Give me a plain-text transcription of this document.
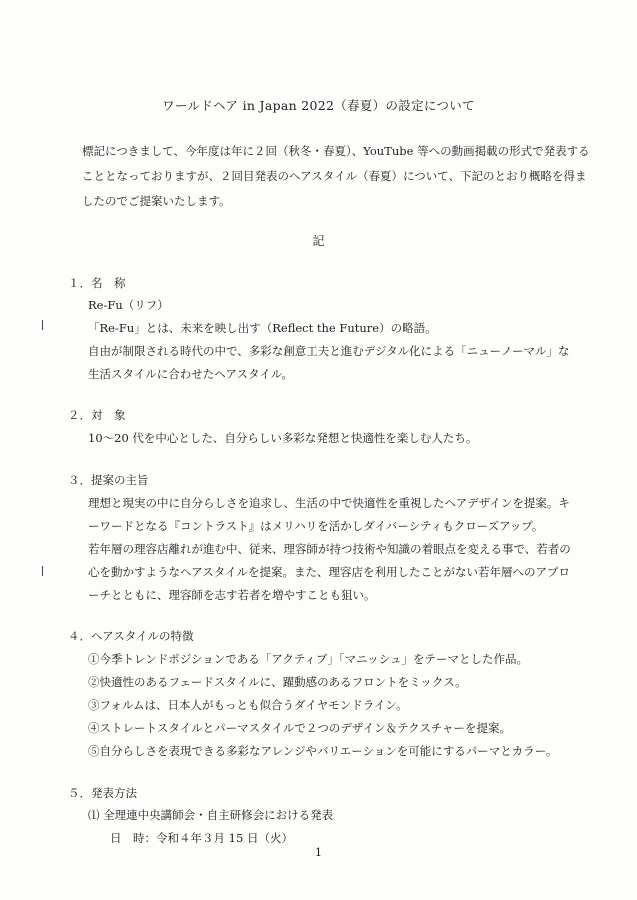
ワールドヘア in Japan 2022（春夏）の設定について

標記につきまして、今年度は年に２回（秋冬・春夏）、YouTube 等への動画掲載の形式で発表する

こととなっておりますが、２回目発表のヘアスタイル（春夏）について、下記のとおり概略を得ま

したのでご提案いたします。

記
１．名　称
Re-Fu（リフ）
「Re-Fu」とは、未来を映し出す（Reflect the Future）の略語。
自由が制限される時代の中で、多彩な創意工夫と進むデジタル化による「ニューノーマル」な
生活スタイルに合わせたヘアスタイル。
２．対　象
10～20 代を中心とした、自分らしい多彩な発想と快適性を楽しむ人たち。
３．提案の主旨
理想と現実の中に自分らしさを追求し、生活の中で快適性を重視したヘアデザインを提案。キ
ーワードとなる『コントラスト』はメリハリを活かしダイバーシティもクローズアップ。
若年層の理容店離れが進む中、従来、理容師が持つ技術や知識の着眼点を変える事で、若者の
心を動かすようなヘアスタイルを提案。また、理容店を利用したことがない若年層へのアプロ
ーチとともに、理容師を志す若者を増やすことも狙い。
４．ヘアスタイルの特徴
①今季トレンドポジションである「アクティブ」「マニッシュ」をテーマとした作品。
②快適性のあるフェードスタイルに、躍動感のあるフロントをミックス。
③フォルムは、日本人がもっとも似合うダイヤモンドライン。
④ストレートスタイルとパーマスタイルで２つのデザイン＆テクスチャーを提案。
⑤自分らしさを表現できる多彩なアレンジやバリエーションを可能にするパーマとカラー。
５．発表方法
⑴ 全理連中央講師会・自主研修会における発表
日　時：令和４年３月 15 日（火）
1
